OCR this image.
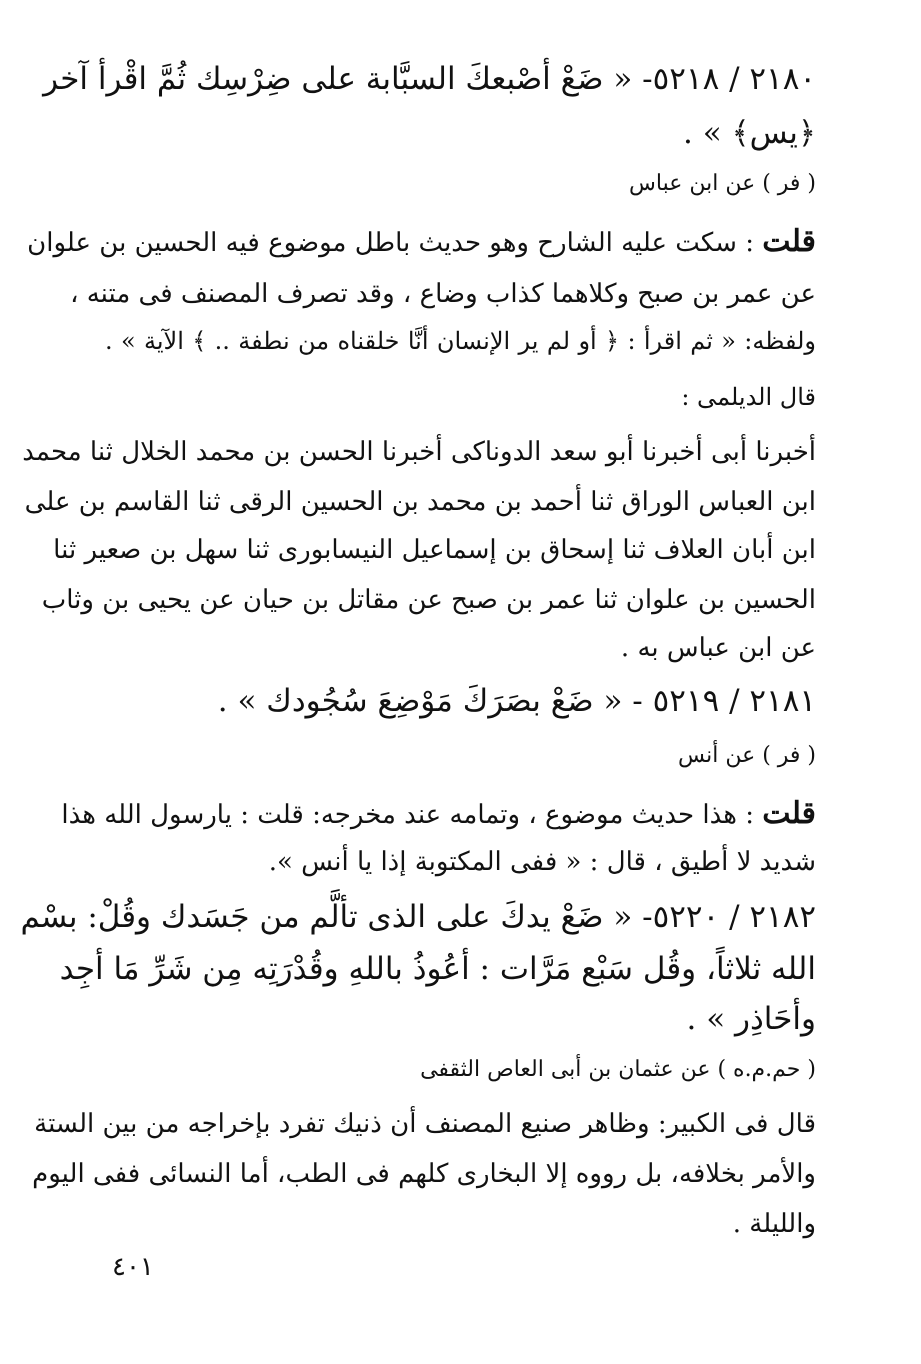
٢١٨٠ / ٥٢١٨- « ضَعْ أصْبعكَ السبَّابة على ضِرْسِك ثُمَّ اقْرأ آخر
﴿يس﴾ » .
( فر ) عن ابن عباس
قلت : سكت عليه الشارح وهو حديث باطل موضوع فيه الحسين بن علوان
عن عمر بن صبح وكلاهما كذاب وضاع ، وقد تصرف المصنف فى متنه ،
ولفظه: « ثم اقرأ : ﴿ أو لم ير الإنسان أنَّا خلقناه من نطفة .. ﴾ الآية » .
قال الديلمى :
أخبرنا أبى أخبرنا أبو سعد الدوناكى أخبرنا الحسن بن محمد الخلال ثنا محمد
ابن العباس الوراق ثنا أحمد بن محمد بن الحسين الرقى ثنا القاسم بن على
ابن أبان العلاف ثنا إسحاق بن إسماعيل النيسابورى ثنا سهل بن صعير ثنا
الحسين بن علوان ثنا عمر بن صبح عن مقاتل بن حيان عن يحيى بن وثاب
عن ابن عباس به .
٢١٨١ / ٥٢١٩ - « ضَعْ بصَرَكَ مَوْضِعَ سُجُودك » .
( فر ) عن أنس
قلت : هذا حديث موضوع ، وتمامه عند مخرجه: قلت : يارسول الله هذا
شديد لا أطيق ، قال : « ففى المكتوبة إذا يا أنس ».
٢١٨٢ / ٥٢٢٠- « ضَعْ يدكَ على الذى تألَّم من جَسَدك وقُلْ: بسْم
الله ثلاثاً، وقُل سَبْع مَرَّات : أعُوذُ باللهِ وقُدْرَتِه مِن شَرِّ مَا أجِد
وأحَاذِر » .
( حم.م.ه ) عن عثمان بن أبى العاص الثقفى
قال فى الكبير: وظاهر صنيع المصنف أن ذنيك تفرد بإخراجه من بين الستة
والأمر بخلافه، بل رووه إلا البخارى كلهم فى الطب، أما النسائى ففى اليوم
والليلة .
٤٠١
